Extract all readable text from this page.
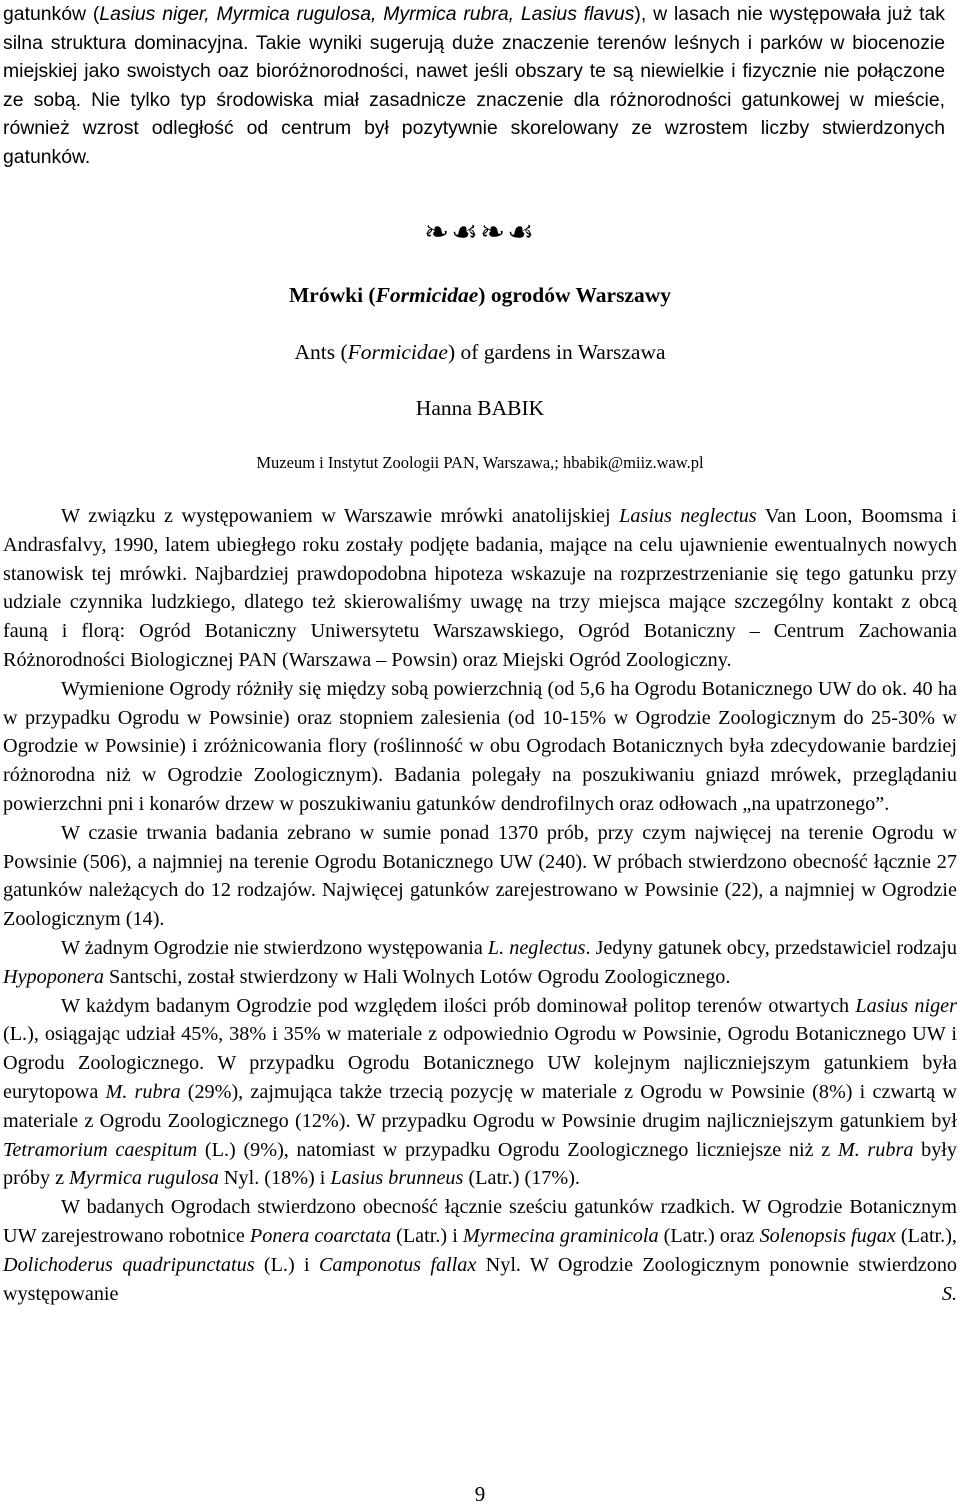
gatunków (Lasius niger, Myrmica rugulosa, Myrmica rubra, Lasius flavus), w lasach nie występowała już tak silna struktura dominacyjna. Takie wyniki sugerują duże znaczenie terenów leśnych i parków w biocenozie miejskiej jako swoistych oaz bioróżnorodności, nawet jeśli obszary te są niewielkie i fizycznie nie połączone ze sobą. Nie tylko typ środowiska miał zasadnicze znaczenie dla różnorodności gatunkowej w mieście, również wzrost odległość od centrum był pozytywnie skorelowany ze wzrostem liczby stwierdzonych gatunków.

❧☙❧☙

Mrówki (Formicidae) ogrodów Warszawy

Ants (Formicidae) of gardens in Warszawa

Hanna BABIK

Muzeum i Instytut Zoologii PAN, Warszawa,; hbabik@miiz.waw.pl

W związku z występowaniem w Warszawie mrówki anatolijskiej Lasius neglectus Van Loon, Boomsma i Andrasfalvy, 1990, latem ubiegłego roku zostały podjęte badania, mające na celu ujawnienie ewentualnych nowych stanowisk tej mrówki. Najbardziej prawdopodobna hipoteza wskazuje na rozprzestrzenianie się tego gatunku przy udziale czynnika ludzkiego, dlatego też skierowaliśmy uwagę na trzy miejsca mające szczególny kontakt z obcą fauną i florą: Ogród Botaniczny Uniwersytetu Warszawskiego, Ogród Botaniczny – Centrum Zachowania Różnorodności Biologicznej PAN (Warszawa – Powsin) oraz Miejski Ogród Zoologiczny.

Wymienione Ogrody różniły się między sobą powierzchnią (od 5,6 ha Ogrodu Botanicznego UW do ok. 40 ha w przypadku Ogrodu w Powsinie) oraz stopniem zalesienia (od 10-15% w Ogrodzie Zoologicznym do 25-30% w Ogrodzie w Powsinie) i zróżnicowania flory (roślinność w obu Ogrodach Botanicznych była zdecydowanie bardziej różnorodna niż w Ogrodzie Zoologicznym). Badania polegały na poszukiwaniu gniazd mrówek, przeglądaniu powierzchni pni i konarów drzew w poszukiwaniu gatunków dendrofilnych oraz odłowach „na upatrzonego”.

W czasie trwania badania zebrano w sumie ponad 1370 prób, przy czym najwięcej na terenie Ogrodu w Powsinie (506), a najmniej na terenie Ogrodu Botanicznego UW (240). W próbach stwierdzono obecność łącznie 27 gatunków należących do 12 rodzajów. Najwięcej gatunków zarejestrowano w Powsinie (22), a najmniej w Ogrodzie Zoologicznym (14).

W żadnym Ogrodzie nie stwierdzono występowania L. neglectus. Jedyny gatunek obcy, przedstawiciel rodzaju Hypoponera Santschi, został stwierdzony w Hali Wolnych Lotów Ogrodu Zoologicznego.

W każdym badanym Ogrodzie pod względem ilości prób dominował politop terenów otwartych Lasius niger (L.), osiągając udział 45%, 38% i 35% w materiale z odpowiednio Ogrodu w Powsinie, Ogrodu Botanicznego UW i Ogrodu Zoologicznego. W przypadku Ogrodu Botanicznego UW kolejnym najliczniejszym gatunkiem była eurytopowa M. rubra (29%), zajmująca także trzecią pozycję w materiale z Ogrodu w Powsinie (8%) i czwartą w materiale z Ogrodu Zoologicznego (12%). W przypadku Ogrodu w Powsinie drugim najliczniejszym gatunkiem był Tetramorium caespitum (L.) (9%), natomiast w przypadku Ogrodu Zoologicznego liczniejsze niż z M. rubra były próby z Myrmica rugulosa Nyl. (18%) i Lasius brunneus (Latr.) (17%).

W badanych Ogrodach stwierdzono obecność łącznie sześciu gatunków rzadkich. W Ogrodzie Botanicznym UW zarejestrowano robotnice Ponera coarctata (Latr.) i Myrmecina graminicola (Latr.) oraz Solenopsis fugax (Latr.), Dolichoderus quadripunctatus (L.) i Camponotus fallax Nyl. W Ogrodzie Zoologicznym ponownie stwierdzono występowanie S.

9
